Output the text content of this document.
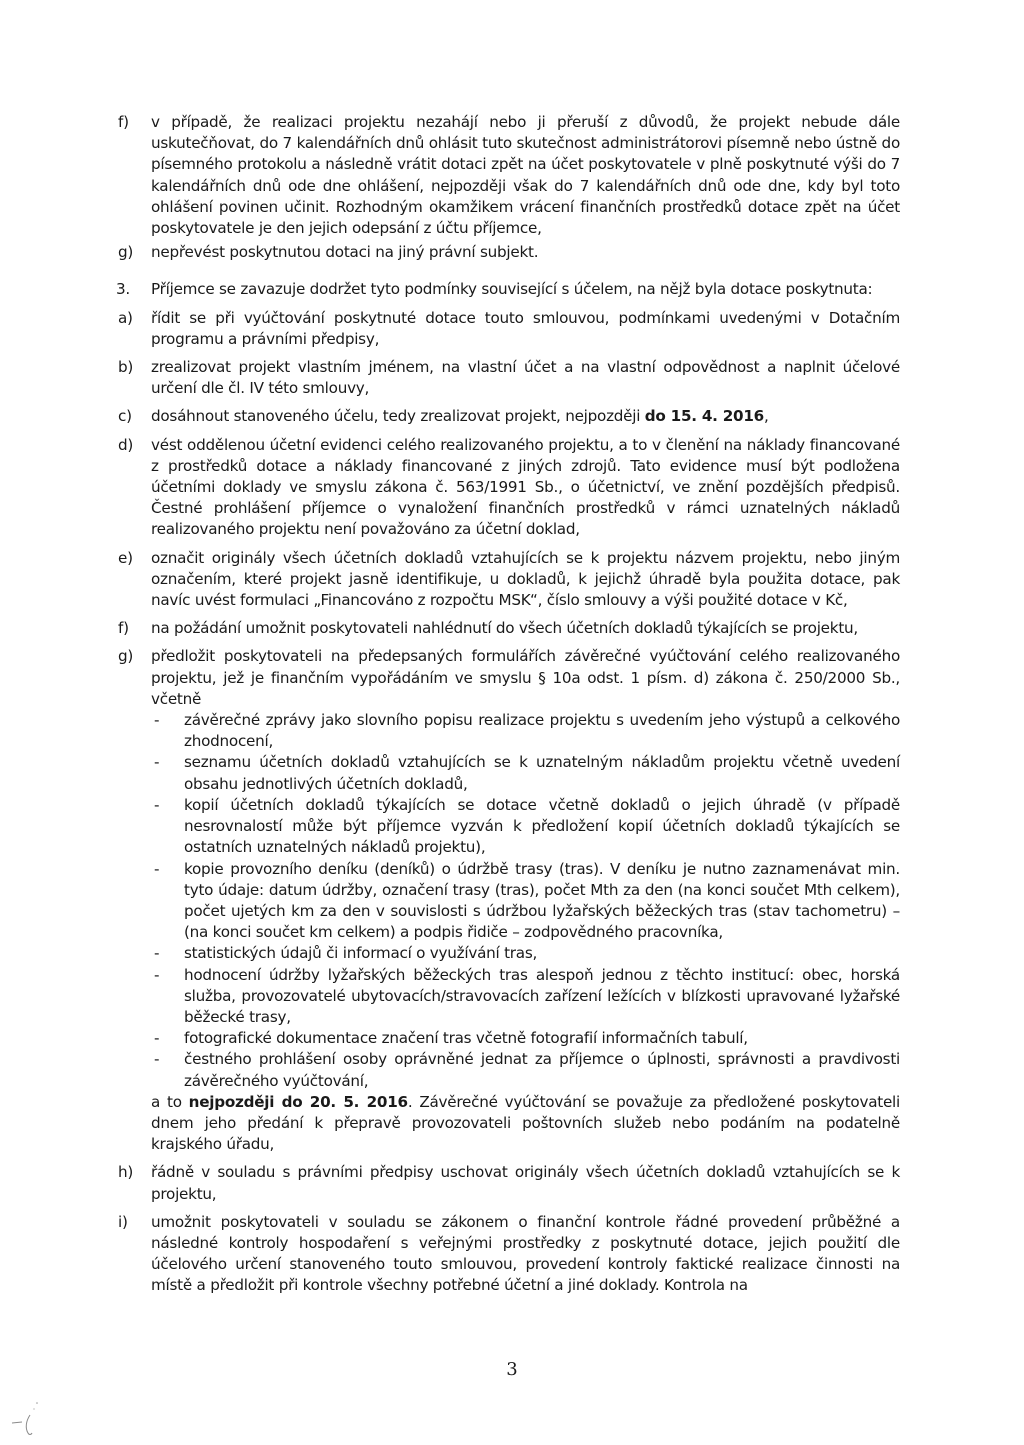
f) v případě, že realizaci projektu nezahájí nebo ji přeruší z důvodů, že projekt nebude dále uskutečňovat, do 7 kalendářních dnů ohlásit tuto skutečnost administrátorovi písemně nebo ústně do písemného protokolu a následně vrátit dotaci zpět na účet poskytovatele v plně poskytnuté výši do 7 kalendářních dnů ode dne ohlášení, nejpozději však do 7 kalendářních dnů ode dne, kdy byl toto ohlášení povinen učinit. Rozhodným okamžikem vrácení finančních prostředků dotace zpět na účet poskytovatele je den jejich odepsání z účtu příjemce,
g) nepřevést poskytnutou dotaci na jiný právní subjekt.
3. Příjemce se zavazuje dodržet tyto podmínky související s účelem, na nějž byla dotace poskytnuta:
a) řídit se při vyúčtování poskytnuté dotace touto smlouvou, podmínkami uvedenými v Dotačním programu a právními předpisy,
b) zrealizovat projekt vlastním jménem, na vlastní účet a na vlastní odpovědnost a naplnit účelové určení dle čl. IV této smlouvy,
c) dosáhnout stanoveného účelu, tedy zrealizovat projekt, nejpozději do 15. 4. 2016,
d) vést oddělenou účetní evidenci celého realizovaného projektu, a to v členění na náklady financované z prostředků dotace a náklady financované z jiných zdrojů. Tato evidence musí být podložena účetními doklady ve smyslu zákona č. 563/1991 Sb., o účetnictví, ve znění pozdějších předpisů. Čestné prohlášení příjemce o vynaložení finančních prostředků v rámci uznatelných nákladů realizovaného projektu není považováno za účetní doklad,
e) označit originály všech účetních dokladů vztahujících se k projektu názvem projektu, nebo jiným označením, které projekt jasně identifikuje, u dokladů, k jejichž úhradě byla použita dotace, pak navíc uvést formulaci „Financováno z rozpočtu MSK“, číslo smlouvy a výši použité dotace v Kč,
f) na požádání umožnit poskytovateli nahlédnutí do všech účetních dokladů týkajících se projektu,
g) předložit poskytovateli na předepsaných formulářích závěrečné vyúčtování celého realizovaného projektu, jež je finančním vypořádáním ve smyslu § 10a odst. 1 písm. d) zákona č. 250/2000 Sb., včetně
- závěrečné zprávy jako slovního popisu realizace projektu s uvedením jeho výstupů a celkového zhodnocení,
- seznamu účetních dokladů vztahujících se k uznatelným nákladům projektu včetně uvedení obsahu jednotlivých účetních dokladů,
- kopií účetních dokladů týkajících se dotace včetně dokladů o jejich úhradě (v případě nesrovnalostí může být příjemce vyzván k předložení kopií účetních dokladů týkajících se ostatních uznatelných nákladů projektu),
- kopie provozního deníku (deníků) o údržbě trasy (tras). V deníku je nutno zaznamenávat min. tyto údaje: datum údržby, označení trasy (tras), počet Mth za den (na konci součet Mth celkem), počet ujetých km za den v souvislosti s údržbou lyžařských běžeckých tras (stav tachometru) – (na konci součet km celkem) a podpis řidiče – zodpovědného pracovníka,
- statistických údajů či informací o využívání tras,
- hodnocení údržby lyžařských běžeckých tras alespoň jednou z těchto institucí: obec, horská služba, provozovatelé ubytovacích/stravovacích zařízení ležících v blízkosti upravované lyžařské běžecké trasy,
- fotografické dokumentace značení tras včetně fotografií informačních tabulí,
- čestného prohlášení osoby oprávněné jednat za příjemce o úplnosti, správnosti a pravdivosti závěrečného vyúčtování,
a to nejpozději do 20. 5. 2016. Závěrečné vyúčtování se považuje za předložené poskytovateli dnem jeho předání k přepravě provozovateli poštovních služeb nebo podáním na podatelně krajského úřadu,
h) řádně v souladu s právními předpisy uschovat originály všech účetních dokladů vztahujících se k projektu,
i) umožnit poskytovateli v souladu se zákonem o finanční kontrole řádné provedení průběžné a následné kontroly hospodaření s veřejnými prostředky z poskytnuté dotace, jejich použití dle účelového určení stanoveného touto smlouvou, provedení kontroly faktické realizace činnosti na místě a předložit při kontrole všechny potřebné účetní a jiné doklady. Kontrola na
3
